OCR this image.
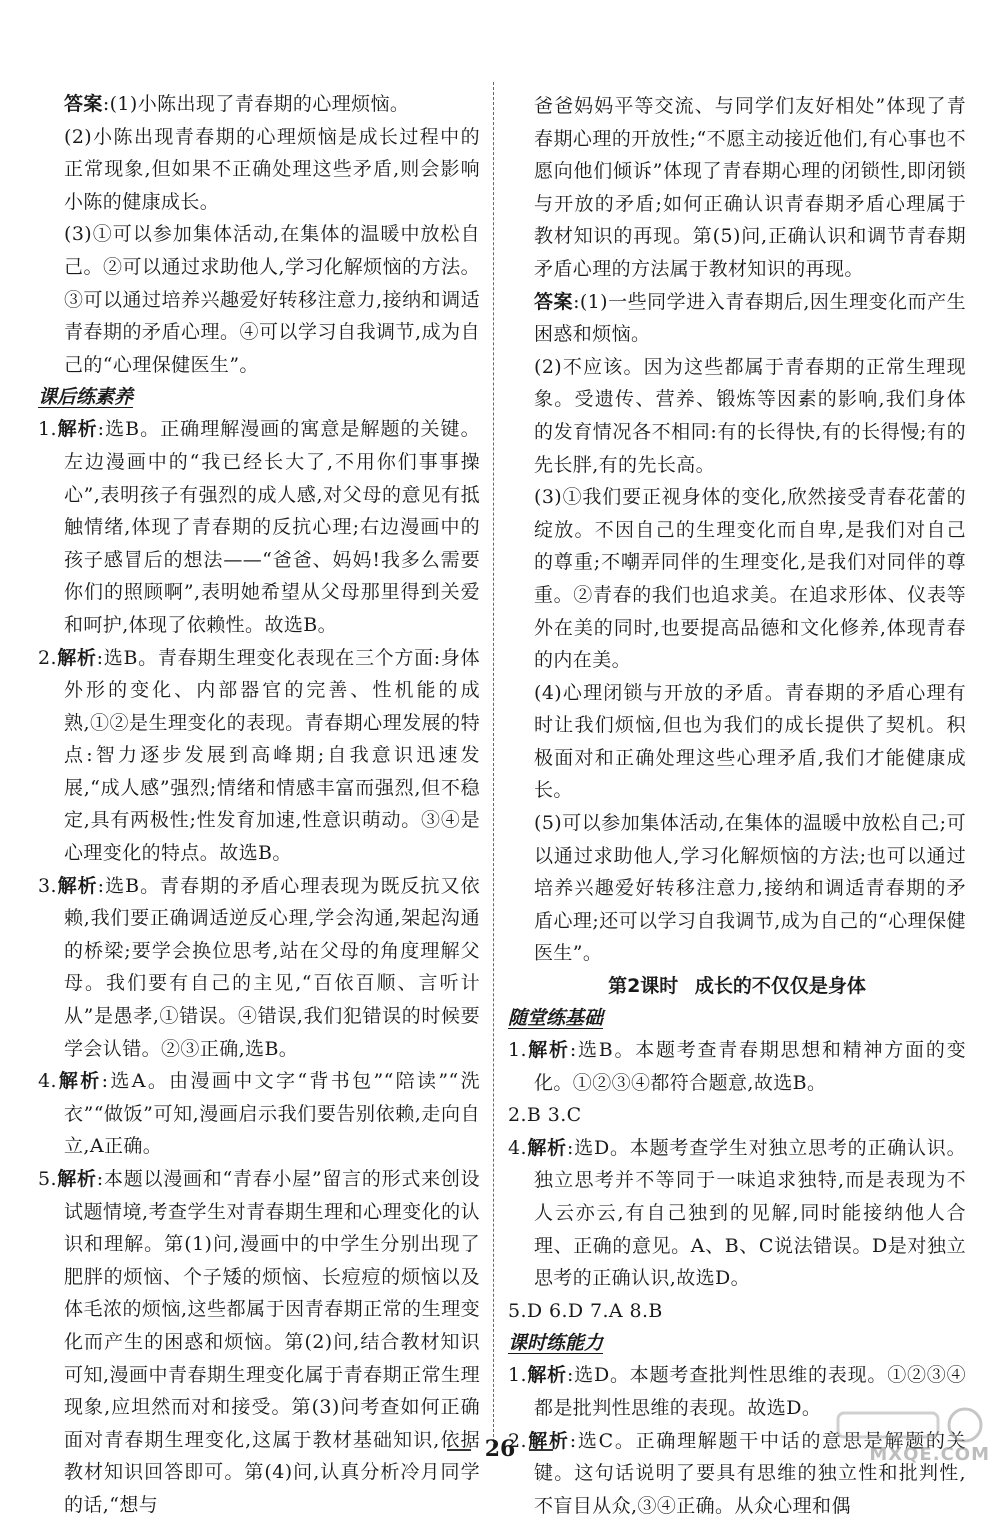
答案:(1)小陈出现了青春期的心理烦恼。

(2)小陈出现青春期的心理烦恼是成长过程中的正常现象,但如果不正确处理这些矛盾,则会影响小陈的健康成长。

(3)①可以参加集体活动,在集体的温暖中放松自己。②可以通过求助他人,学习化解烦恼的方法。③可以通过培养兴趣爱好转移注意力,接纳和调适青春期的矛盾心理。④可以学习自我调节,成为自己的“心理保健医生”。

课后练素养

1.解析:选B。正确理解漫画的寓意是解题的关键。左边漫画中的“我已经长大了,不用你们事事操心”,表明孩子有强烈的成人感,对父母的意见有抵触情绪,体现了青春期的反抗心理;右边漫画中的孩子感冒后的想法——“爸爸、妈妈!我多么需要你们的照顾啊”,表明她希望从父母那里得到关爱和呵护,体现了依赖性。故选B。

2.解析:选B。青春期生理变化表现在三个方面:身体外形的变化、内部器官的完善、性机能的成熟,①②是生理变化的表现。青春期心理发展的特点:智力逐步发展到高峰期;自我意识迅速发展,“成人感”强烈;情绪和情感丰富而强烈,但不稳定,具有两极性;性发育加速,性意识萌动。③④是心理变化的特点。故选B。

3.解析:选B。青春期的矛盾心理表现为既反抗又依赖,我们要正确调适逆反心理,学会沟通,架起沟通的桥梁;要学会换位思考,站在父母的角度理解父母。我们要有自己的主见,“百依百顺、言听计从”是愚孝,①错误。④错误,我们犯错误的时候要学会认错。②③正确,选B。

4.解析:选A。由漫画中文字“背书包”“陪读”“洗衣”“做饭”可知,漫画启示我们要告别依赖,走向自立,A正确。

5.解析:本题以漫画和“青春小屋”留言的形式来创设试题情境,考查学生对青春期生理和心理变化的认识和理解。第(1)问,漫画中的中学生分别出现了肥胖的烦恼、个子矮的烦恼、长痘痘的烦恼以及体毛浓的烦恼,这些都属于因青春期正常的生理变化而产生的困惑和烦恼。第(2)问,结合教材知识可知,漫画中青春期生理变化属于青春期正常生理现象,应坦然而对和接受。第(3)问考查如何正确面对青春期生理变化,这属于教材基础知识,依据教材知识回答即可。第(4)问,认真分析冷月同学的话,“想与

爸爸妈妈平等交流、与同学们友好相处”体现了青春期心理的开放性;“不愿主动接近他们,有心事也不愿向他们倾诉”体现了青春期心理的闭锁性,即闭锁与开放的矛盾;如何正确认识青春期矛盾心理属于教材知识的再现。第(5)问,正确认识和调节青春期矛盾心理的方法属于教材知识的再现。

答案:(1)一些同学进入青春期后,因生理变化而产生困惑和烦恼。

(2)不应该。因为这些都属于青春期的正常生理现象。受遗传、营养、锻炼等因素的影响,我们身体的发育情况各不相同:有的长得快,有的长得慢;有的先长胖,有的先长高。

(3)①我们要正视身体的变化,欣然接受青春花蕾的绽放。不因自己的生理变化而自卑,是我们对自己的尊重;不嘲弄同伴的生理变化,是我们对同伴的尊重。②青春的我们也追求美。在追求形体、仪表等外在美的同时,也要提高品德和文化修养,体现青春的内在美。

(4)心理闭锁与开放的矛盾。青春期的矛盾心理有时让我们烦恼,但也为我们的成长提供了契机。积极面对和正确处理这些心理矛盾,我们才能健康成长。

(5)可以参加集体活动,在集体的温暖中放松自己;可以通过求助他人,学习化解烦恼的方法;也可以通过培养兴趣爱好转移注意力,接纳和调适青春期的矛盾心理;还可以学习自我调节,成为自己的“心理保健医生”。

第2课时 成长的不仅仅是身体

随堂练基础

1.解析:选B。本题考查青春期思想和精神方面的变化。①②③④都符合题意,故选B。

2.B 3.C

4.解析:选D。本题考查学生对独立思考的正确认识。独立思考并不等同于一味追求独特,而是表现为不人云亦云,有自己独到的见解,同时能接纳他人合理、正确的意见。A、B、C说法错误。D是对独立思考的正确认识,故选D。

5.D 6.D 7.A 8.B

课时练能力

1.解析:选D。本题考查批判性思维的表现。①②③④都是批判性思维的表现。故选D。

2.解析:选C。正确理解题干中话的意思是解题的关键。这句话说明了要具有思维的独立性和批判性,不盲目从众,③④正确。从众心理和偶

26	MXQE.COM
